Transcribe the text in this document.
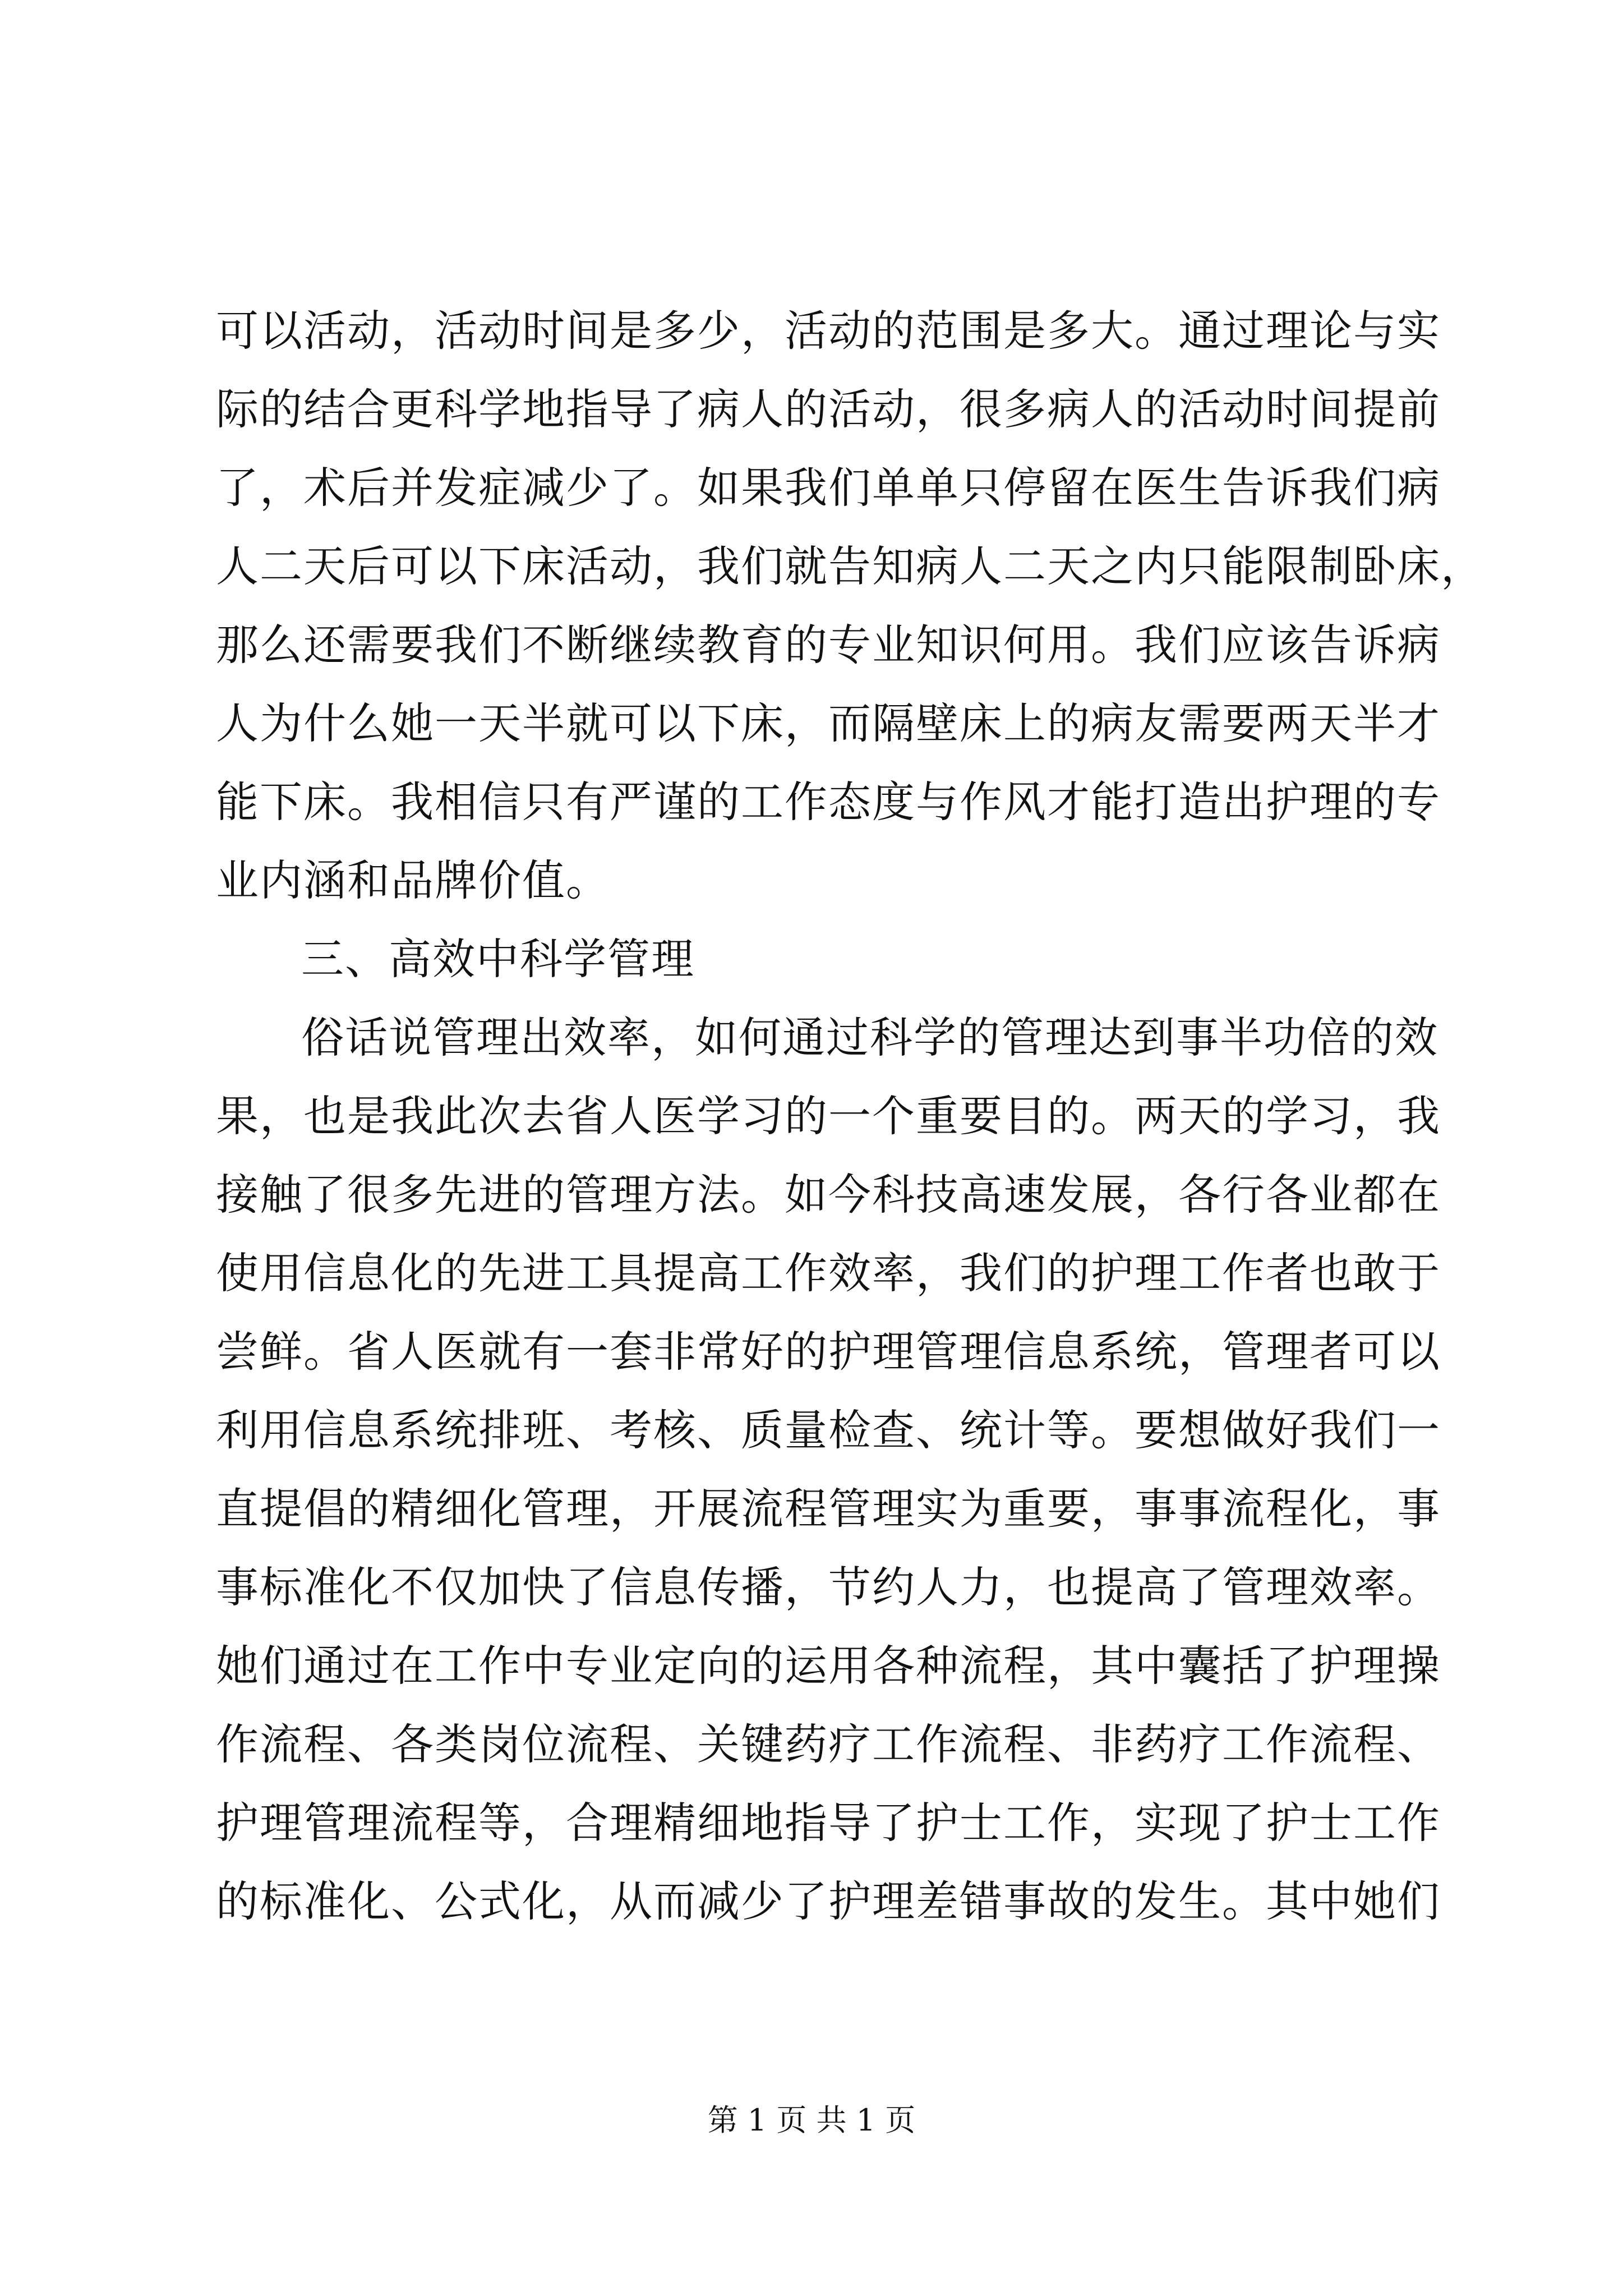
可以活动，活动时间是多少，活动的范围是多大。通过理论与实
际的结合更科学地指导了病人的活动，很多病人的活动时间提前
了，术后并发症减少了。如果我们单单只停留在医生告诉我们病
人二天后可以下床活动，我们就告知病人二天之内只能限制卧床，
那么还需要我们不断继续教育的专业知识何用。我们应该告诉病
人为什么她一天半就可以下床，而隔壁床上的病友需要两天半才
能下床。我相信只有严谨的工作态度与作风才能打造出护理的专
业内涵和品牌价值。
三、高效中科学管理
俗话说管理出效率，如何通过科学的管理达到事半功倍的效
果，也是我此次去省人医学习的一个重要目的。两天的学习，我
接触了很多先进的管理方法。如今科技高速发展，各行各业都在
使用信息化的先进工具提高工作效率，我们的护理工作者也敢于
尝鲜。省人医就有一套非常好的护理管理信息系统，管理者可以
利用信息系统排班、考核、质量检查、统计等。要想做好我们一
直提倡的精细化管理，开展流程管理实为重要，事事流程化，事
事标准化不仅加快了信息传播，节约人力，也提高了管理效率。
她们通过在工作中专业定向的运用各种流程，其中囊括了护理操
作流程、各类岗位流程、关键药疗工作流程、非药疗工作流程、
护理管理流程等，合理精细地指导了护士工作，实现了护士工作
的标准化、公式化，从而减少了护理差错事故的发生。其中她们
第 1 页 共 1 页
